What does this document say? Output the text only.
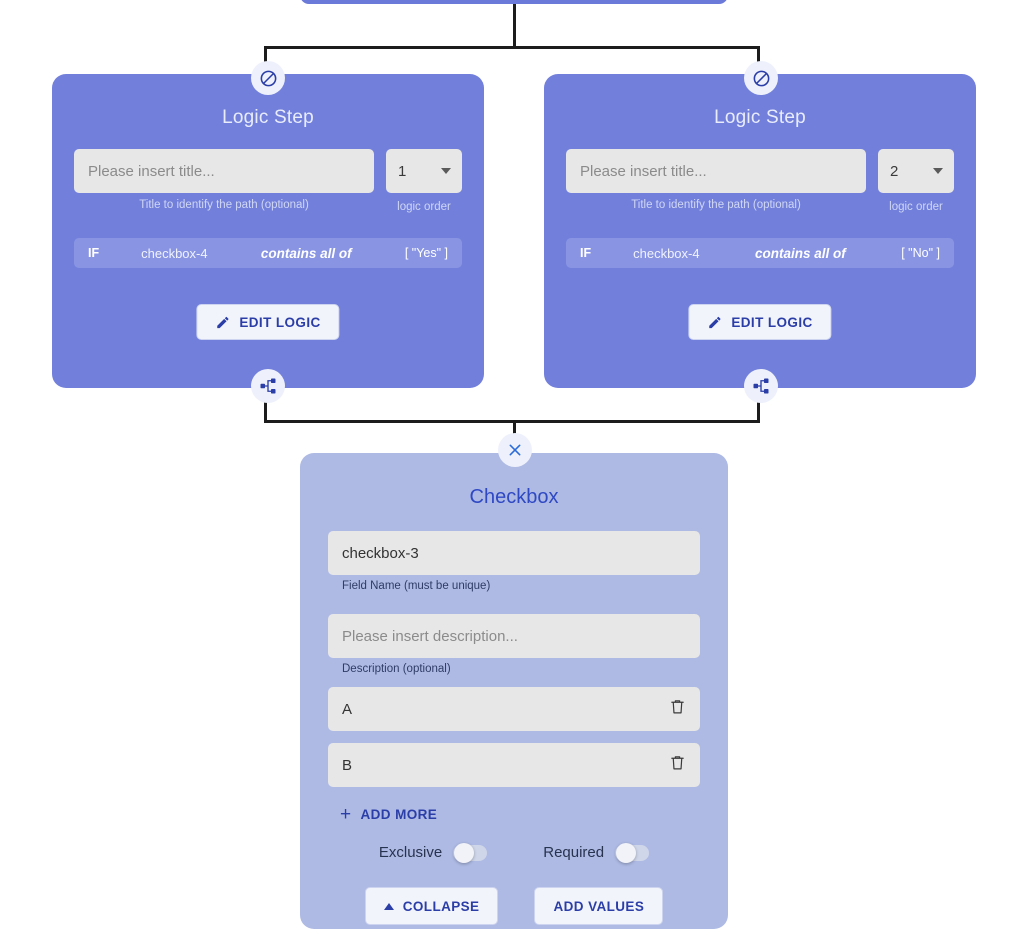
Logic Step
Please insert title...
1
Title to identify the path (optional)	logic order
IF	checkbox-4	contains all of	[ "Yes" ]
EDIT LOGIC
Logic Step
Please insert title...
2
Title to identify the path (optional)	logic order
IF	checkbox-4	contains all of	[ "No" ]
EDIT LOGIC
Checkbox
checkbox-3
Field Name (must be unique)
Please insert description...
Description (optional)
A
B
+ ADD MORE
Exclusive	Required
COLLAPSE	ADD VALUES
